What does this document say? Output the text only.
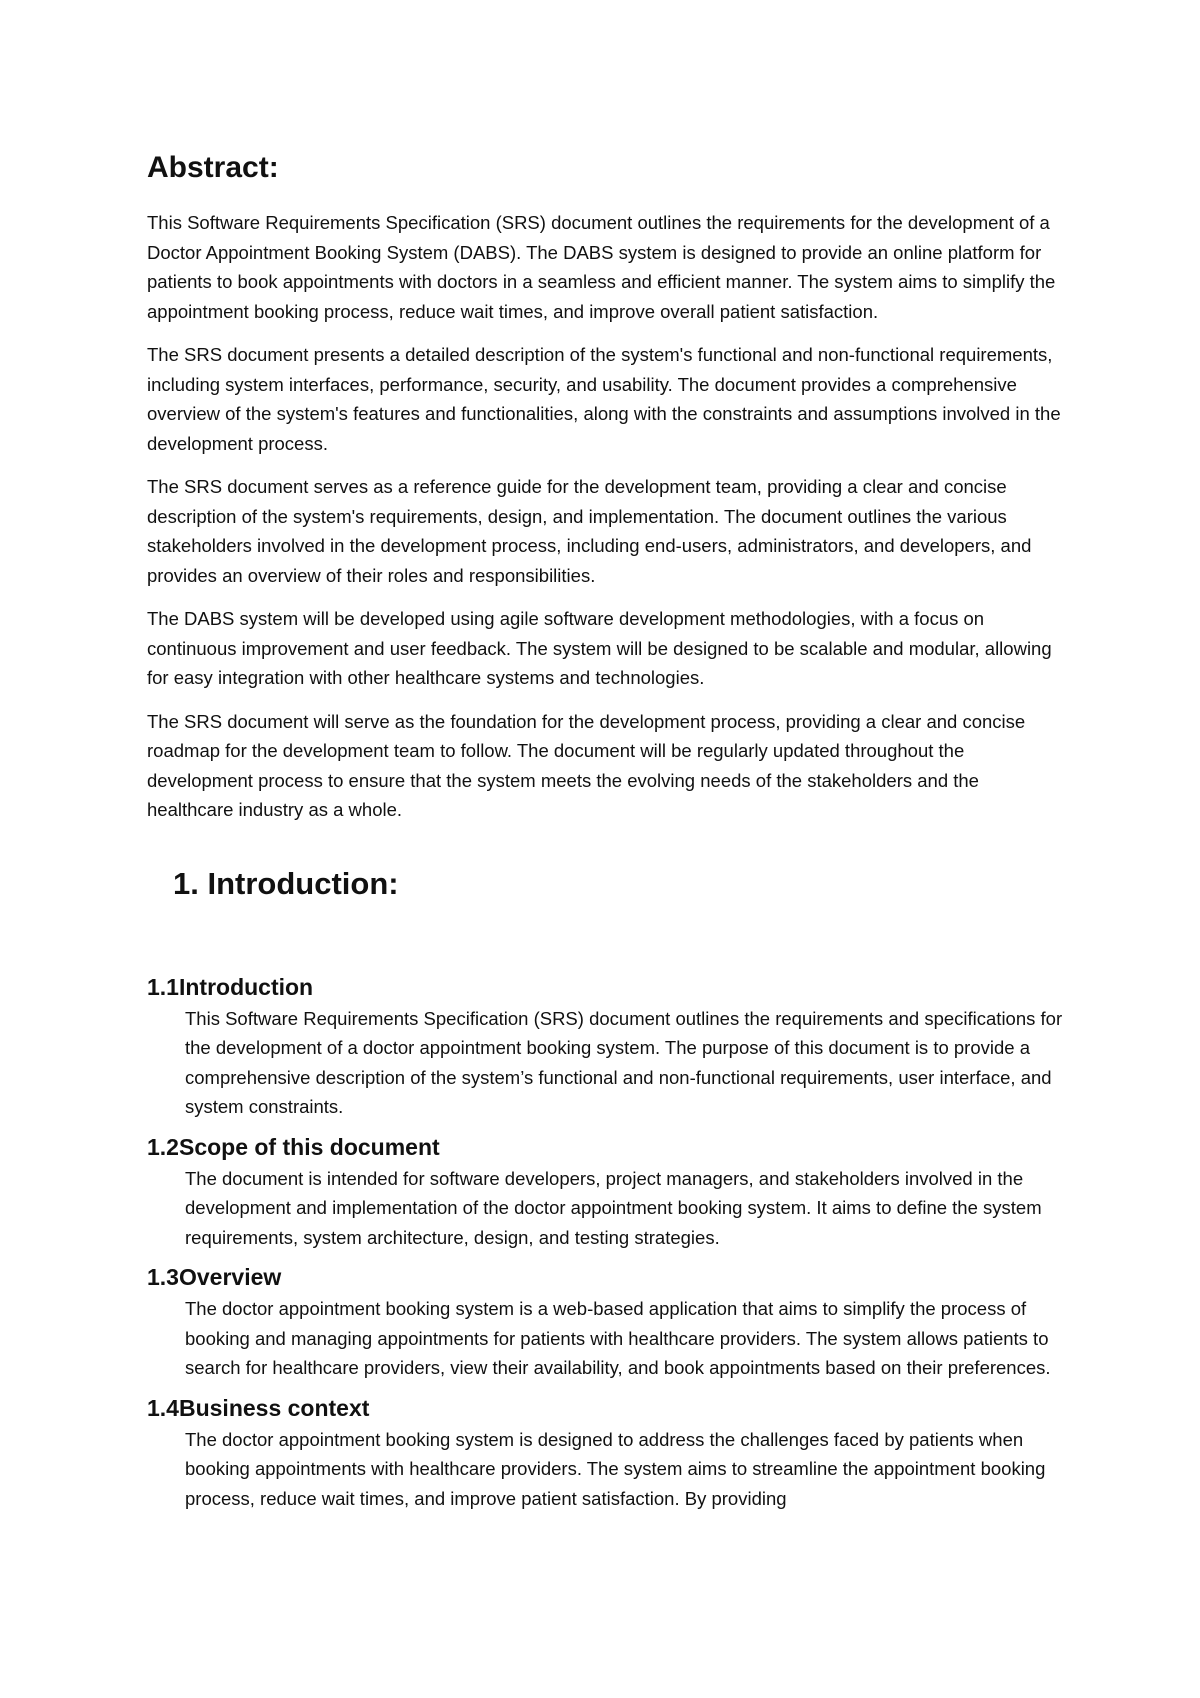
Abstract:

This Software Requirements Specification (SRS) document outlines the requirements for the development of a Doctor Appointment Booking System (DABS). The DABS system is designed to provide an online platform for patients to book appointments with doctors in a seamless and efficient manner. The system aims to simplify the appointment booking process, reduce wait times, and improve overall patient satisfaction.

The SRS document presents a detailed description of the system's functional and non-functional requirements, including system interfaces, performance, security, and usability. The document provides a comprehensive overview of the system's features and functionalities, along with the constraints and assumptions involved in the development process.

The SRS document serves as a reference guide for the development team, providing a clear and concise description of the system's requirements, design, and implementation. The document outlines the various stakeholders involved in the development process, including end-users, administrators, and developers, and provides an overview of their roles and responsibilities.

The DABS system will be developed using agile software development methodologies, with a focus on continuous improvement and user feedback. The system will be designed to be scalable and modular, allowing for easy integration with other healthcare systems and technologies.

The SRS document will serve as the foundation for the development process, providing a clear and concise roadmap for the development team to follow. The document will be regularly updated throughout the development process to ensure that the system meets the evolving needs of the stakeholders and the healthcare industry as a whole.

1. Introduction:
1.1Introduction

This Software Requirements Specification (SRS) document outlines the requirements and specifications for the development of a doctor appointment booking system. The purpose of this document is to provide a comprehensive description of the system’s functional and non-functional requirements, user interface, and system constraints.

1.2Scope of this document

The document is intended for software developers, project managers, and stakeholders involved in the development and implementation of the doctor appointment booking system. It aims to define the system requirements, system architecture, design, and testing strategies.

1.3Overview

The doctor appointment booking system is a web-based application that aims to simplify the process of booking and managing appointments for patients with healthcare providers. The system allows patients to search for healthcare providers, view their availability, and book appointments based on their preferences.

1.4Business context

The doctor appointment booking system is designed to address the challenges faced by patients when booking appointments with healthcare providers. The system aims to streamline the appointment booking process, reduce wait times, and improve patient satisfaction. By providing
